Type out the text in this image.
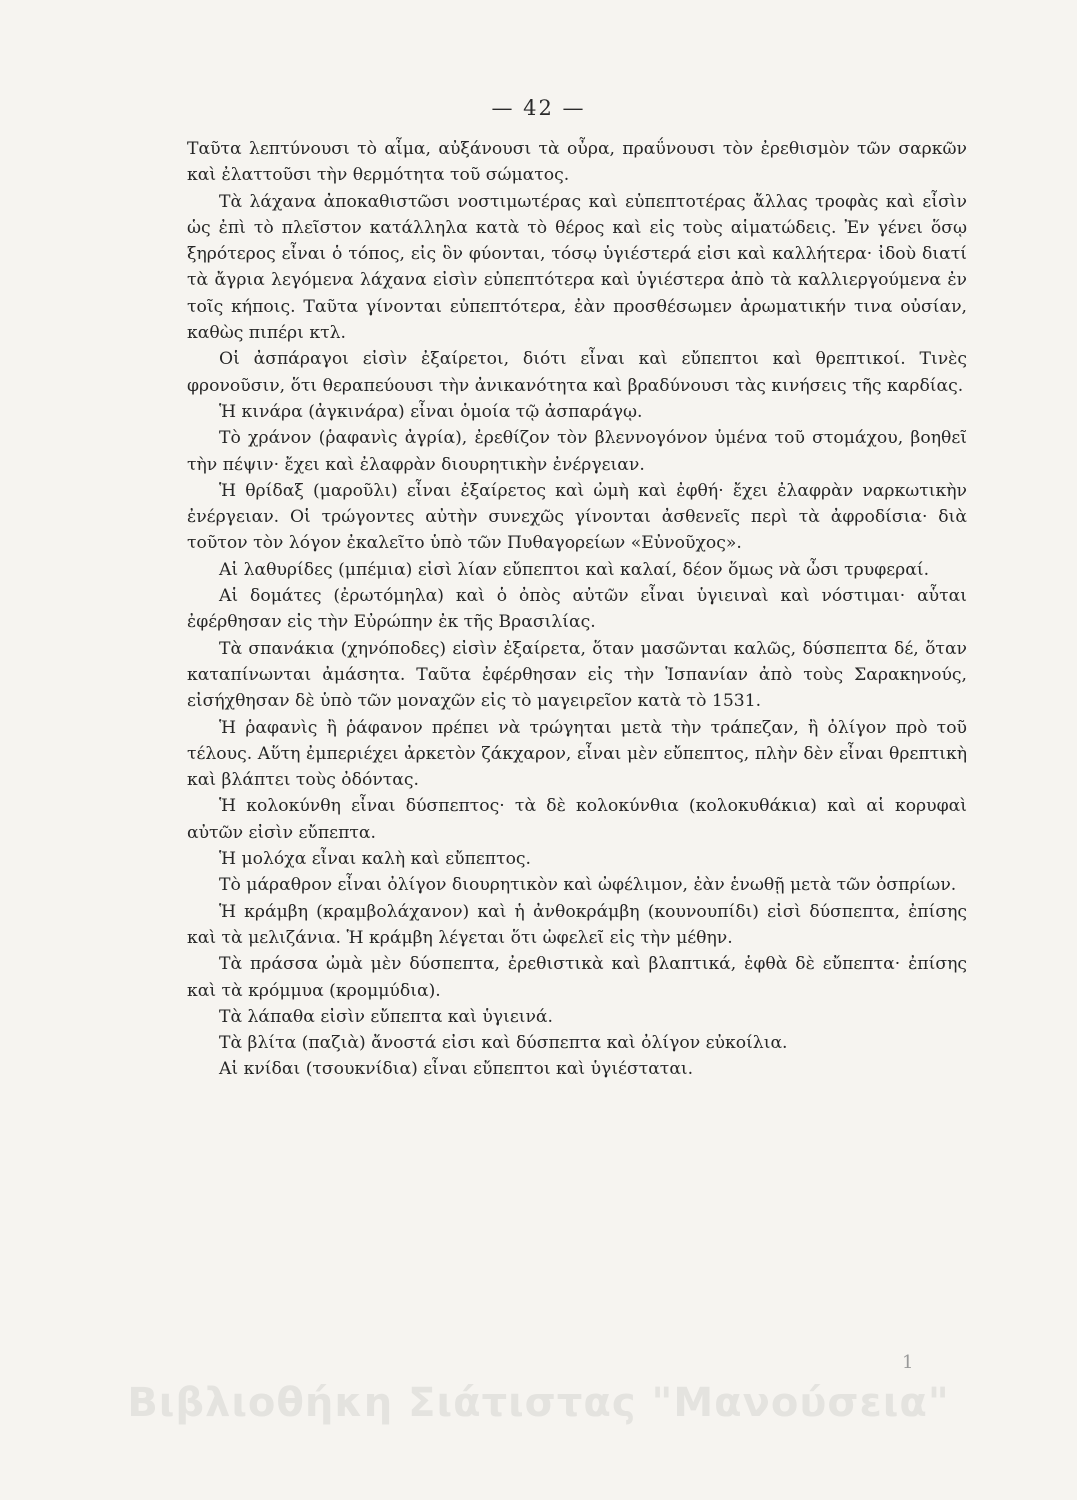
— 42 —

Ταῦτα λεπτύνουσι τὸ αἷμα, αὐξάνουσι τὰ οὖρα, πραΰνουσι τὸν ἐρεθισμὸν τῶν σαρκῶν καὶ ἐλαττοῦσι τὴν θερμότητα τοῦ σώματος.

Τὰ λάχανα ἀποκαθιστῶσι νοστιμωτέρας καὶ εὐπεπτοτέρας ἄλλας τροφὰς καὶ εἶσὶν ὡς ἐπὶ τὸ πλεῖστον κατάλληλα κατὰ τὸ θέρος καὶ εἰς τοὺς αἱματώδεις. Ἐν γένει ὅσῳ ξηρότερος εἶναι ὁ τόπος, εἰς ὃν φύονται, τόσῳ ὑγιέστερά εἰσι καὶ καλλήτερα· ἰδοὺ διατί τὰ ἄγρια λεγόμενα λάχανα εἰσὶν εὐπεπτότερα καὶ ὑγιέστερα ἀπὸ τὰ καλλιεργούμενα ἐν τοῖς κήποις. Ταῦτα γίνονται εὐπεπτότερα, ἐὰν προσθέσωμεν ἀρωματικήν τινα οὐσίαν, καθὼς πιπέρι κτλ.

Οἱ ἀσπάραγοι εἰσὶν ἐξαίρετοι, διότι εἶναι καὶ εὔπεπτοι καὶ θρεπτικοί. Τινὲς φρονοῦσιν, ὅτι θεραπεύουσι τὴν ἀνικανότητα καὶ βραδύνουσι τὰς κινήσεις τῆς καρδίας.

Ἡ κινάρα (ἀγκινάρα) εἶναι ὁμοία τῷ ἀσπαράγῳ.

Τὸ χράνον (ῥαφανὶς ἀγρία), ἐρεθίζον τὸν βλεννογόνον ὑμένα τοῦ στομάχου, βοηθεῖ τὴν πέψιν· ἔχει καὶ ἐλαφρὰν διουρητικὴν ἐνέργειαν.

Ἡ θρίδαξ (μαροῦλι) εἶναι ἐξαίρετος καὶ ὠμὴ καὶ ἐφθή· ἔχει ἐλαφρὰν ναρκωτικὴν ἐνέργειαν. Οἱ τρώγοντες αὐτὴν συνεχῶς γίνονται ἀσθενεῖς περὶ τὰ ἀφροδίσια· διὰ τοῦτον τὸν λόγον ἐκαλεῖτο ὑπὸ τῶν Πυθαγορείων «Εὐνοῦχος».

Αἱ λαθυρίδες (μπέμια) εἰσὶ λίαν εὔπεπτοι καὶ καλαί, δέον ὅμως νὰ ὦσι τρυφεραί.

Αἱ δομάτες (ἐρωτόμηλα) καὶ ὁ ὀπὸς αὐτῶν εἶναι ὑγιειναὶ καὶ νόστιμαι· αὗται ἐφέρθησαν εἰς τὴν Εὐρώπην ἐκ τῆς Βρασιλίας.

Τὰ σπανάκια (χηνόποδες) εἰσὶν ἐξαίρετα, ὅταν μασῶνται καλῶς, δύσπεπτα δέ, ὅταν καταπίνωνται ἀμάσητα. Ταῦτα ἐφέρθησαν εἰς τὴν Ἱσπανίαν ἀπὸ τοὺς Σαρακηνούς, εἰσήχθησαν δὲ ὑπὸ τῶν μοναχῶν εἰς τὸ μαγειρεῖον κατὰ τὸ 1531.

Ἡ ῥαφανὶς ἢ ῥάφανον πρέπει νὰ τρώγηται μετὰ τὴν τράπεζαν, ἢ ὀλίγον πρὸ τοῦ τέλους. Αὕτη ἐμπεριέχει ἀρκετὸν ζάκχαρον, εἶναι μὲν εὔπεπτος, πλὴν δὲν εἶναι θρεπτικὴ καὶ βλάπτει τοὺς ὀδόντας.

Ἡ κολοκύνθη εἶναι δύσπεπτος· τὰ δὲ κολοκύνθια (κολοκυθάκια) καὶ αἱ κορυφαὶ αὐτῶν εἰσὶν εὔπεπτα.

Ἡ μολόχα εἶναι καλὴ καὶ εὔπεπτος.

Τὸ μάραθρον εἶναι ὀλίγον διουρητικὸν καὶ ὠφέλιμον, ἐὰν ἑνωθῇ μετὰ τῶν ὀσπρίων.

Ἡ κράμβη (κραμβολάχανον) καὶ ἡ ἀνθοκράμβη (κουνουπίδι) εἰσὶ δύσπεπτα, ἐπίσης καὶ τὰ μελιζάνια. Ἡ κράμβη λέγεται ὅτι ὠφελεῖ εἰς τὴν μέθην.

Τὰ πράσσα ὠμὰ μὲν δύσπεπτα, ἐρεθιστικὰ καὶ βλαπτικά, ἑφθὰ δὲ εὔπεπτα· ἐπίσης καὶ τὰ κρόμμυα (κρομμύδια).

Τὰ λάπαθα εἰσὶν εὔπεπτα καὶ ὑγιεινά.

Τὰ βλίτα (παζιὰ) ἄνοστά εἰσι καὶ δύσπεπτα καὶ ὀλίγον εὐκοίλια.

Αἱ κνίδαι (τσουκνίδια) εἶναι εὔπεπτοι καὶ ὑγιέσταται.

1
Βιβλιοθήκη Σιάτιστας "Μανούσεια"
